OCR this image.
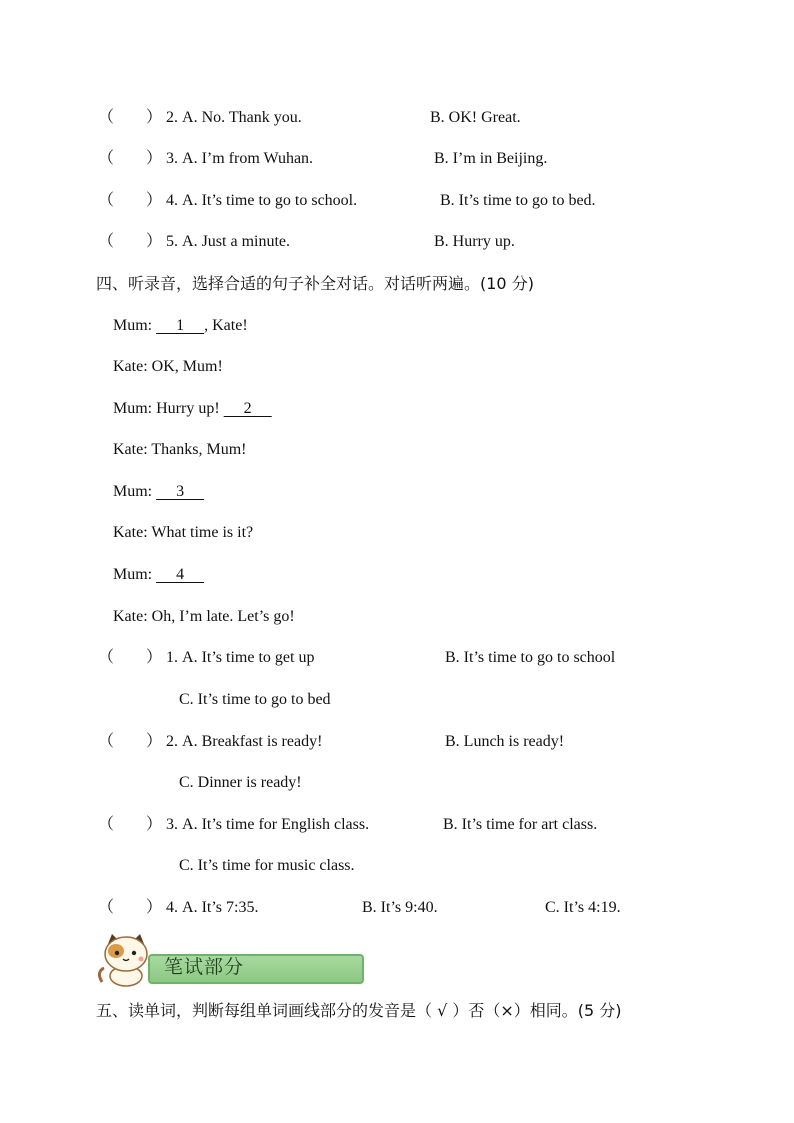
（　　） 2. A. No. Thank you.	B. OK! Great.
（　　） 3. A. I’m from Wuhan.	B. I’m in Beijing.
（　　） 4. A. It’s time to go to school.	B. It’s time to go to bed.
（　　） 5. A. Just a minute.	B. Hurry up.
四、听录音，选择合适的句子补全对话。对话听两遍。(10 分)
Mum:      1     , Kate!
Kate: OK, Mum!
Mum: Hurry up!      2
Kate: Thanks, Mum!
Mum:      3
Kate: What time is it?
Mum:      4
Kate: Oh, I’m late. Let’s go!
（　　） 1. A. It’s time to get up	B. It’s time to go to school
C. It’s time to go to bed
（　　） 2. A. Breakfast is ready!	B. Lunch is ready!
C. Dinner is ready!
（　　） 3. A. It’s time for English class.	B. It’s time for art class.
C. It’s time for music class.
（　　） 4. A. It’s 7:35.	B. It’s 9:40.	C. It’s 4:19.
笔试部分
五、读单词，判断每组单词画线部分的发音是（ √ ）否（×）相同。(5 分)
